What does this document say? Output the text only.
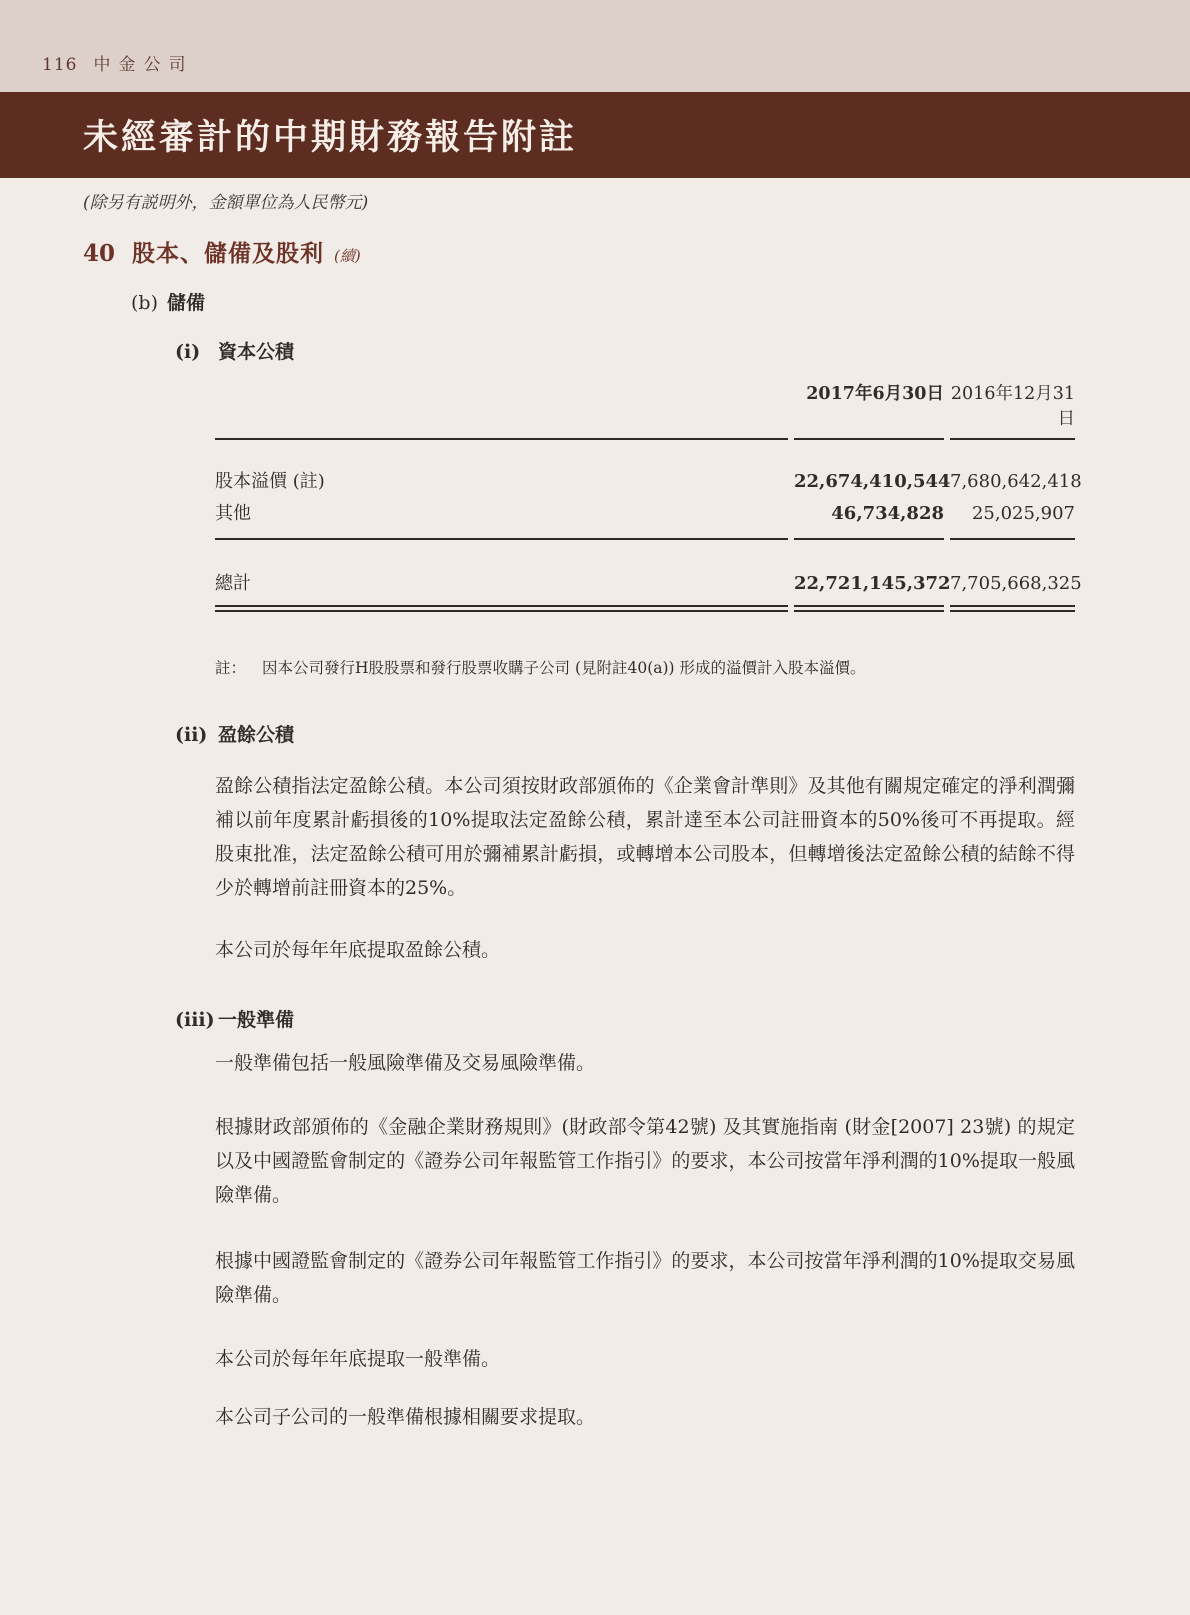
116 中金公司
未經審計的中期財務報告附註

(除另有説明外，金額單位為人民幣元)

40 股本、儲備及股利 (續)
(b) 儲備
(i) 資本公積
2017年6月30日 2016年12月31日
股本溢價 (註)	22,674,410,544 7,680,642,418
其他	46,734,828	25,025,907
總計	22,721,145,372 7,705,668,325
註：	因本公司發行H股股票和發行股票收購子公司 (見附註40(a)) 形成的溢價計入股本溢價。
(ii) 盈餘公積

盈餘公積指法定盈餘公積。本公司須按財政部頒佈的《企業會計準則》及其他有關規定確定的淨利潤彌補以前年度累計虧損後的10%提取法定盈餘公積，累計達至本公司註冊資本的50%後可不再提取。經股東批准，法定盈餘公積可用於彌補累計虧損，或轉增本公司股本，但轉增後法定盈餘公積的結餘不得少於轉增前註冊資本的25%。

本公司於每年年底提取盈餘公積。

(iii) 一般準備

一般準備包括一般風險準備及交易風險準備。

根據財政部頒佈的《金融企業財務規則》(財政部令第42號) 及其實施指南 (財金[2007] 23號) 的規定以及中國證監會制定的《證券公司年報監管工作指引》的要求，本公司按當年淨利潤的10%提取一般風險準備。

根據中國證監會制定的《證券公司年報監管工作指引》的要求，本公司按當年淨利潤的10%提取交易風險準備。

本公司於每年年底提取一般準備。

本公司子公司的一般準備根據相關要求提取。
